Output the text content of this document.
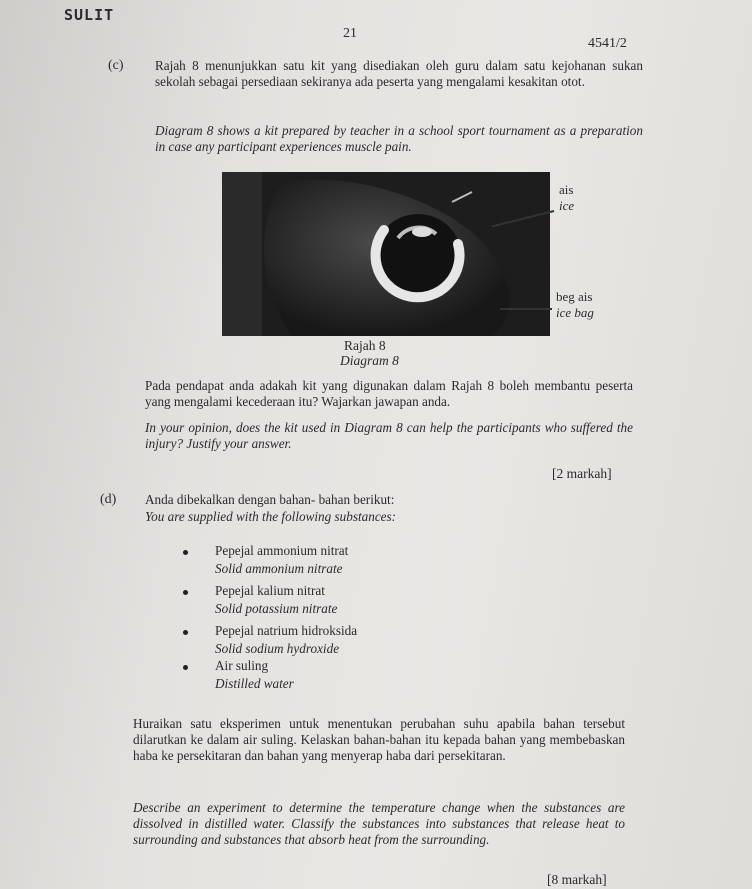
SULIT
21
4541/2
(c) Rajah 8 menunjukkan satu kit yang disediakan oleh guru dalam satu kejohanan sukan sekolah sebagai persediaan sekiranya ada peserta yang mengalami kesakitan otot.
Diagram 8 shows a kit prepared by teacher in a school sport tournament as a preparation in case any participant experiences muscle pain.
ais
ice
beg ais
ice bag
Rajah 8
Diagram 8
Pada pendapat anda adakah kit yang digunakan dalam Rajah 8 boleh membantu peserta yang mengalami kecederaan itu? Wajarkan jawapan anda.
In your opinion, does the kit used in Diagram 8 can help the participants who suffered the injury? Justify your answer.
[2 markah]
(d) Anda dibekalkan dengan bahan- bahan berikut:
You are supplied with the following substances:
Pepejal ammonium nitrat
Solid ammonium nitrate
Pepejal kalium nitrat
Solid potassium nitrate
Pepejal natrium hidroksida
Solid sodium hydroxide
Air suling
Distilled water
Huraikan satu eksperimen untuk menentukan perubahan suhu apabila bahan tersebut dilarutkan ke dalam air suling. Kelaskan bahan-bahan itu kepada bahan yang membebaskan haba ke persekitaran dan bahan yang menyerap haba dari persekitaran.
Describe an experiment to determine the temperature change when the substances are dissolved in distilled water. Classify the substances into substances that release heat to surrounding and substances that absorb heat from the surrounding.
[8 markah]
